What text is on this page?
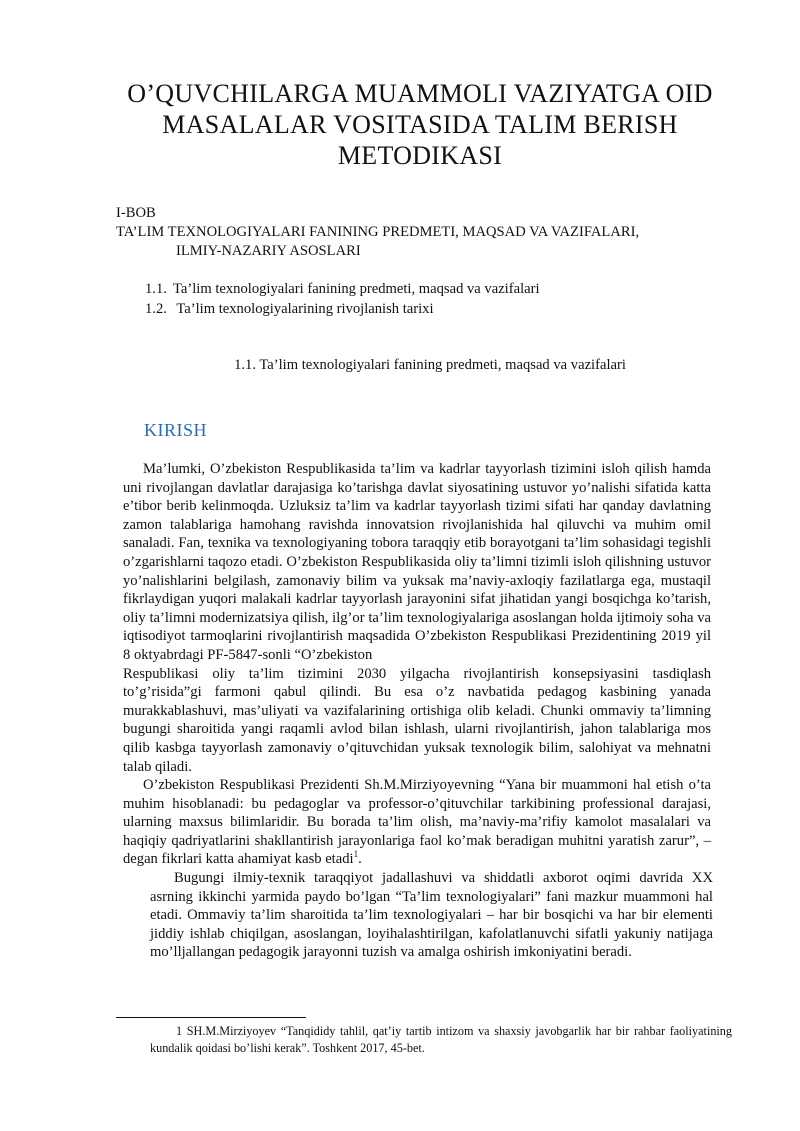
O’QUVCHILARGA MUAMMOLI VAZIYATGA OID MASALALAR VOSITASIDA TALIM BERISH METODIKASI
I-BOB
TA’LIM TEXNOLOGIYALARI FANINING PREDMETI, MAQSAD VA VAZIFALARI,
ILMIY-NAZARIY ASOSLARI
1.1. Ta’lim texnologiyalari fanining predmeti, maqsad va vazifalari
1.2. Ta’lim texnologiyalarining rivojlanish tarixi
1.1. Ta’lim texnologiyalari fanining predmeti, maqsad va vazifalari
KIRISH

Ma’lumki, O’zbekiston Respublikasida ta’lim va kadrlar tayyorlash tizimini isloh qilish hamda uni rivojlangan davlatlar darajasiga ko’tarishga davlat siyosatining ustuvor yo’nalishi sifatida katta e’tibor berib kelinmoqda. Uzluksiz ta’lim va kadrlar tayyorlash tizimi sifati har qanday davlatning zamon talablariga hamohang ravishda innovatsion rivojlanishida hal qiluvchi va muhim omil sanaladi. Fan, texnika va texnologiyaning tobora taraqqiy etib borayotgani ta’lim sohasidagi tegishli o’zgarishlarni taqozo etadi. O’zbekiston Respublikasida oliy ta’limni tizimli isloh qilishning ustuvor yo’nalishlarini belgilash, zamonaviy bilim va yuksak ma’naviy-axloqiy fazilatlarga ega, mustaqil fikrlaydigan yuqori malakali kadrlar tayyorlash jarayonini sifat jihatidan yangi bosqichga ko’tarish, oliy ta’limni modernizatsiya qilish, ilg’or ta’lim texnologiyalariga asoslangan holda ijtimoiy soha va iqtisodiyot tarmoqlarini rivojlantirish maqsadida O’zbekiston Respublikasi Prezidentining 2019 yil 8 oktyabrdagi PF-5847-sonli “O’zbekiston

Respublikasi oliy ta’lim tizimini 2030 yilgacha rivojlantirish konsepsiyasini tasdiqlash to’g’risida”gi farmoni qabul qilindi. Bu esa o’z navbatida pedagog kasbining yanada murakkablashuvi, mas’uliyati va vazifalarining ortishiga olib keladi. Chunki ommaviy ta’limning bugungi sharoitida yangi raqamli avlod bilan ishlash, ularni rivojlantirish, jahon talablariga mos qilib kasbga tayyorlash zamonaviy o’qituvchidan yuksak texnologik bilim, salohiyat va mehnatni talab qiladi.

O’zbekiston Respublikasi Prezidenti Sh.M.Mirziyoyevning “Yana bir muammoni hal etish o’ta muhim hisoblanadi: bu pedagoglar va professor-o’qituvchilar tarkibining professional darajasi, ularning maxsus bilimlaridir. Bu borada ta’lim olish, ma’naviy-ma’rifiy kamolot masalalari va haqiqiy qadriyatlarini shakllantirish jarayonlariga faol ko’mak beradigan muhitni yaratish zarur”, – degan fikrlari katta ahamiyat kasb etadi$^1$.

Bugungi ilmiy-texnik taraqqiyot jadallashuvi va shiddatli axborot oqimi davrida XX asrning ikkinchi yarmida paydo bo’lgan “Ta’lim texnologiyalari” fani mazkur muammoni hal etadi. Ommaviy ta’lim sharoitida ta’lim texnologiyalari – har bir bosqichi va har bir elementi jiddiy ishlab chiqilgan, asoslangan, loyihalashtirilgan, kafolatlanuvchi sifatli yakuniy natijaga mo’lljallangan pedagogik jarayonni tuzish va amalga oshirish imkoniyatini beradi.

1 SH.M.Mirziyoyev “Tanqididy tahlil, qat’iy tartib intizom va shaxsiy javobgarlik har bir rahbar faoliyatining kundalik qoidasi bo’lishi kerak”. Toshkent 2017, 45-bet.
